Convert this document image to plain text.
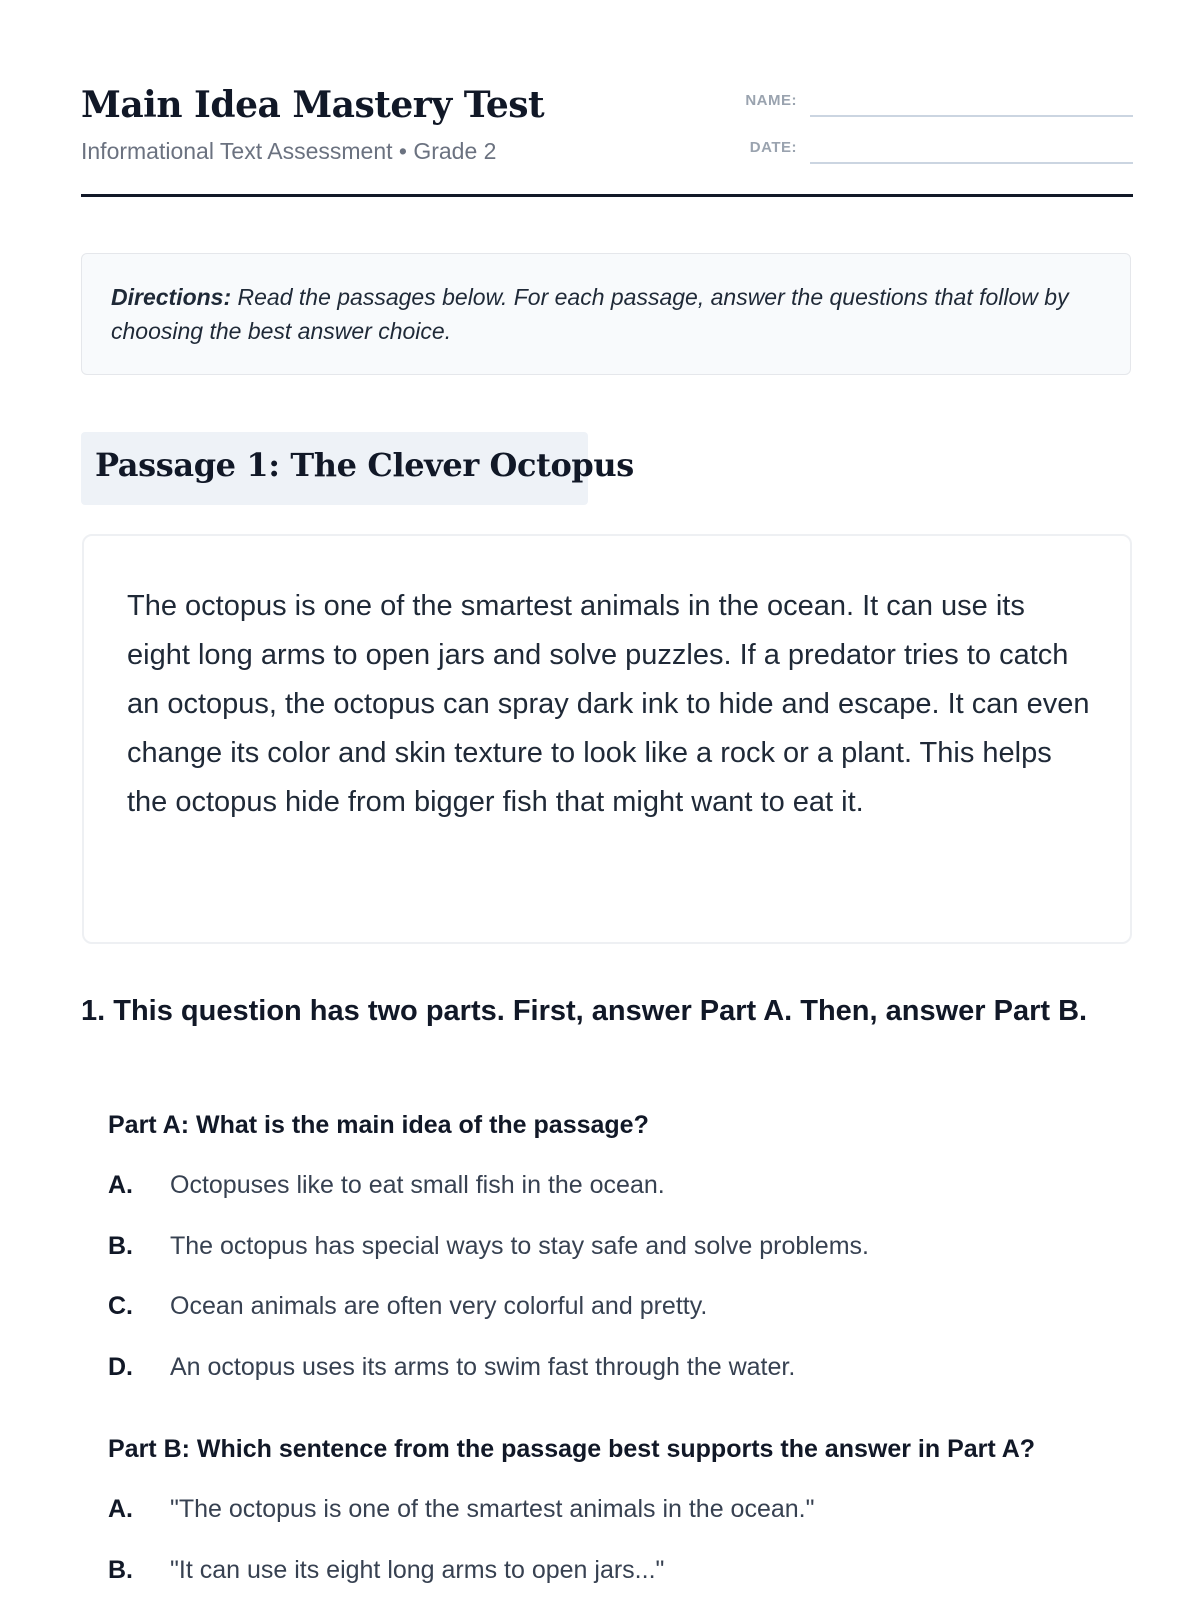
Main Idea Mastery Test
Informational Text Assessment • Grade 2
NAME:
DATE:
Directions: Read the passages below. For each passage, answer the questions that follow by choosing the best answer choice.
Passage 1: The Clever Octopus

The octopus is one of the smartest animals in the ocean. It can use its eight long arms to open jars and solve puzzles. If a predator tries to catch an octopus, the octopus can spray dark ink to hide and escape. It can even change its color and skin texture to look like a rock or a plant. This helps the octopus hide from bigger fish that might want to eat it.

1. This question has two parts. First, answer Part A. Then, answer Part B.

Part A: What is the main idea of the passage?

A. Octopuses like to eat small fish in the ocean.
B. The octopus has special ways to stay safe and solve problems.
C. Ocean animals are often very colorful and pretty.
D. An octopus uses its arms to swim fast through the water.

Part B: Which sentence from the passage best supports the answer in Part A?

A. "The octopus is one of the smartest animals in the ocean."
B. "It can use its eight long arms to open jars..."
